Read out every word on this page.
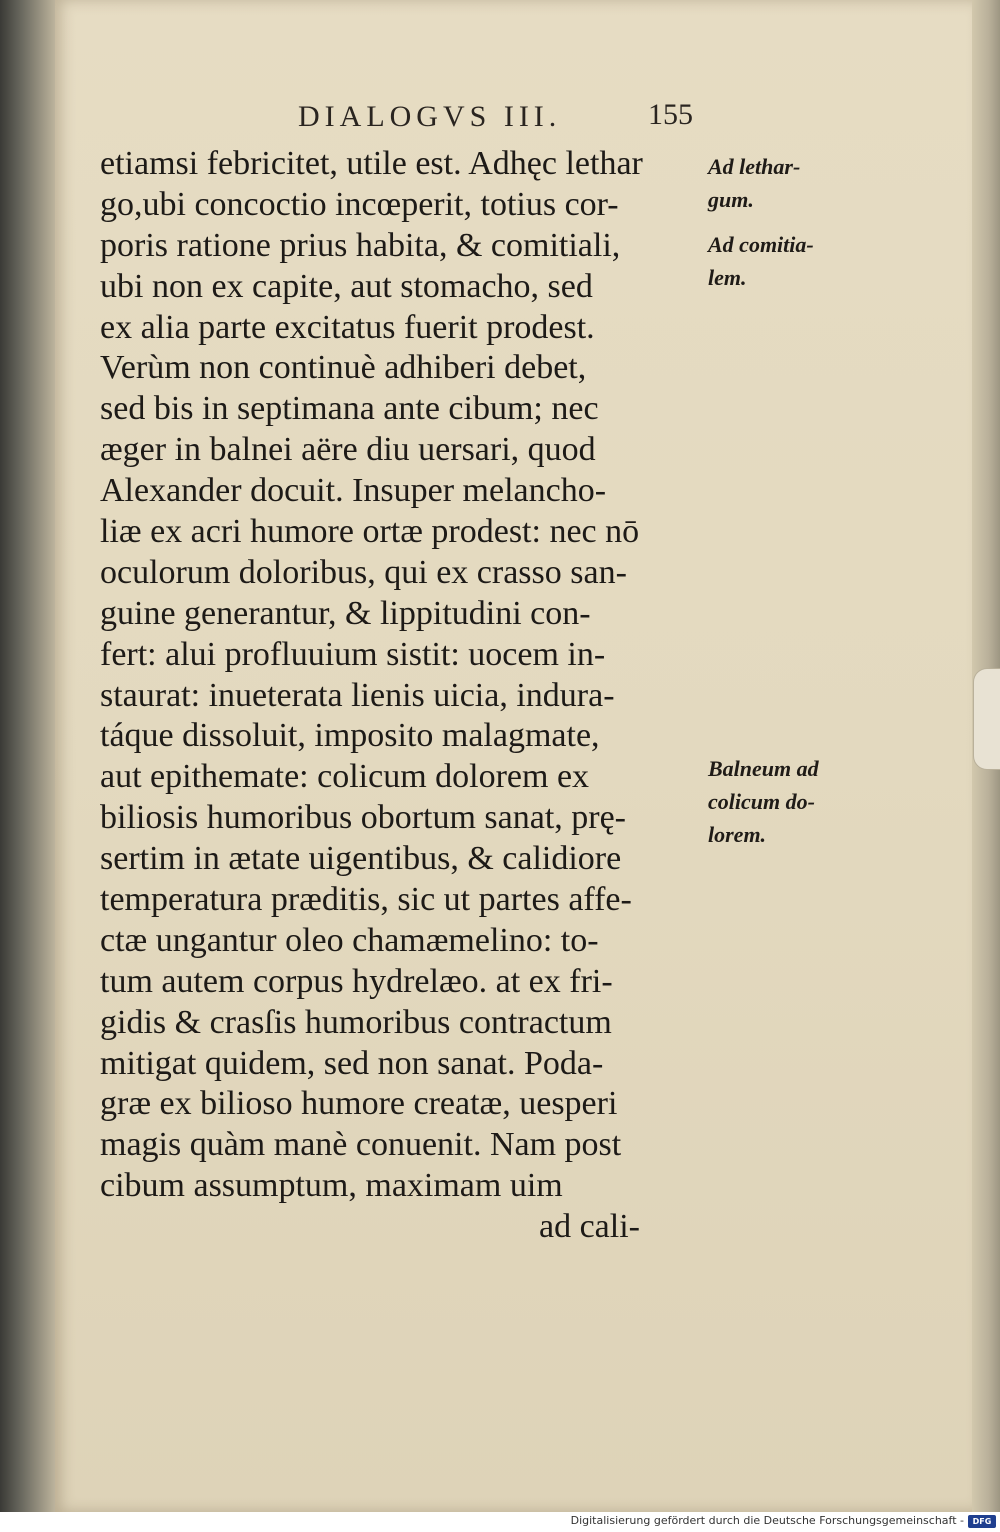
DIALOGVS III.	155
etiamsi febricitet, utile est. Adhęc lethar
go,ubi concoctio incœperit, totius cor-
poris ratione prius habita, & comitiali,
ubi non ex capite, aut stomacho, sed
ex alia parte excitatus fuerit prodest.
Verùm non continuè adhiberi debet,
sed bis in septimana ante cibum; nec
æger in balnei aëre diu uersari, quod
Alexander docuit. Insuper melancho-
liæ ex acri humore ortæ prodest: nec nō
oculorum doloribus, qui ex crasso san-
guine generantur, & lippitudini con-
fert: alui profluuium sistit: uocem in-
staurat: inueterata lienis uicia, indura-
táque dissoluit, imposito malagmate,
aut epithemate: colicum dolorem ex
biliosis humoribus obortum sanat, prę-
sertim in ætate uigentibus, & calidiore
temperatura præditis, sic ut partes affe-
ctæ ungantur oleo chamæmelino: to-
tum autem corpus hydrelæo. at ex fri-
gidis & crasſis humoribus contractum
mitigat quidem, sed non sanat. Poda-
græ ex bilioso humore creatæ, uesperi
magis quàm manè conuenit. Nam post
cibum assumptum, maximam uim
ad cali-
Ad lethar-
gum.
Ad comitia-
lem.
Balneum ad
colicum do-
lorem.
Digitalisierung gefördert durch die Deutsche Forschungsgemeinschaft -	DFG
